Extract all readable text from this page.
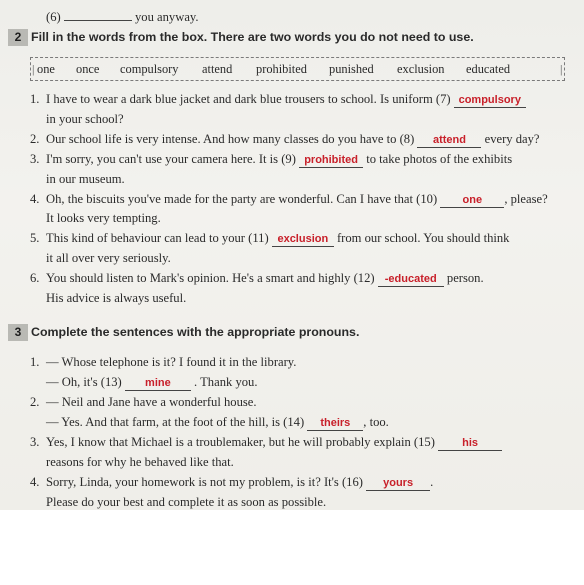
(6)	you anyway.
2 Fill in the words from the box. There are two words you do not need to use.
| one once compulsory attend prohibited punished exclusion educated	|
1. I have to wear a dark blue jacket and dark blue trousers to school. Is uniform (7) compulsory
in your school?
2. Our school life is very intense. And how many classes do you have to (8) attend every day?
3. I'm sorry, you can't use your camera here. It is (9) prohibited to take photos of the exhibits
in our museum.
4. Oh, the biscuits you've made for the party are wonderful. Can I have that (10) one , please?
It looks very tempting.
5. This kind of behaviour can lead to your (11) exclusion from our school. You should think
it all over very seriously.
6. You should listen to Mark's opinion. He's a smart and highly (12) -educated person.
His advice is always useful.
3 Complete the sentences with the appropriate pronouns.
1. — Whose telephone is it? I found it in the library.
— Oh, it's (13) mine . Thank you.
2. — Neil and Jane have a wonderful house.
— Yes. And that farm, at the foot of the hill, is (14) theirs , too.
3. Yes, I know that Michael is a troublemaker, but he will probably explain (15) his
reasons for why he behaved like that.
4. Sorry, Linda, your homework is not my problem, is it? It's (16) yours .
Please do your best and complete it as soon as possible.
